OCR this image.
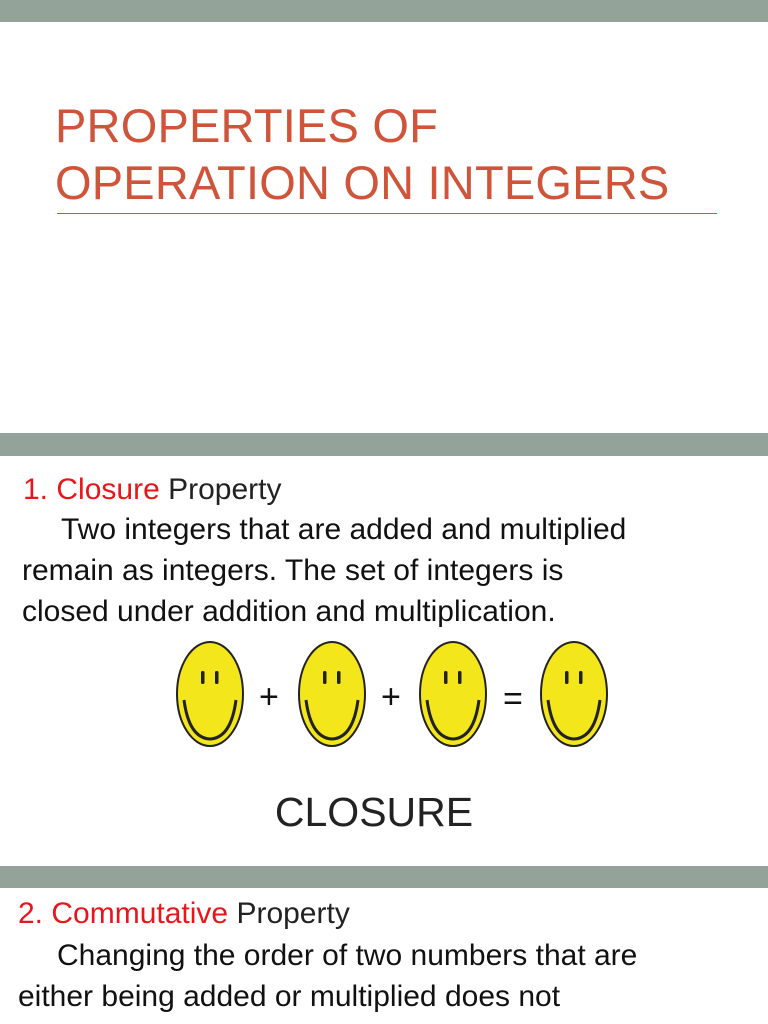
PROPERTIES OF
OPERATION ON INTEGERS
1. Closure Property

Two integers that are added and multiplied
remain as integers. The set of integers is
closed under addition and multiplication.

+	+	=
CLOSURE
2. Commutative Property

Changing the order of two numbers that are
either being added or multiplied does not
